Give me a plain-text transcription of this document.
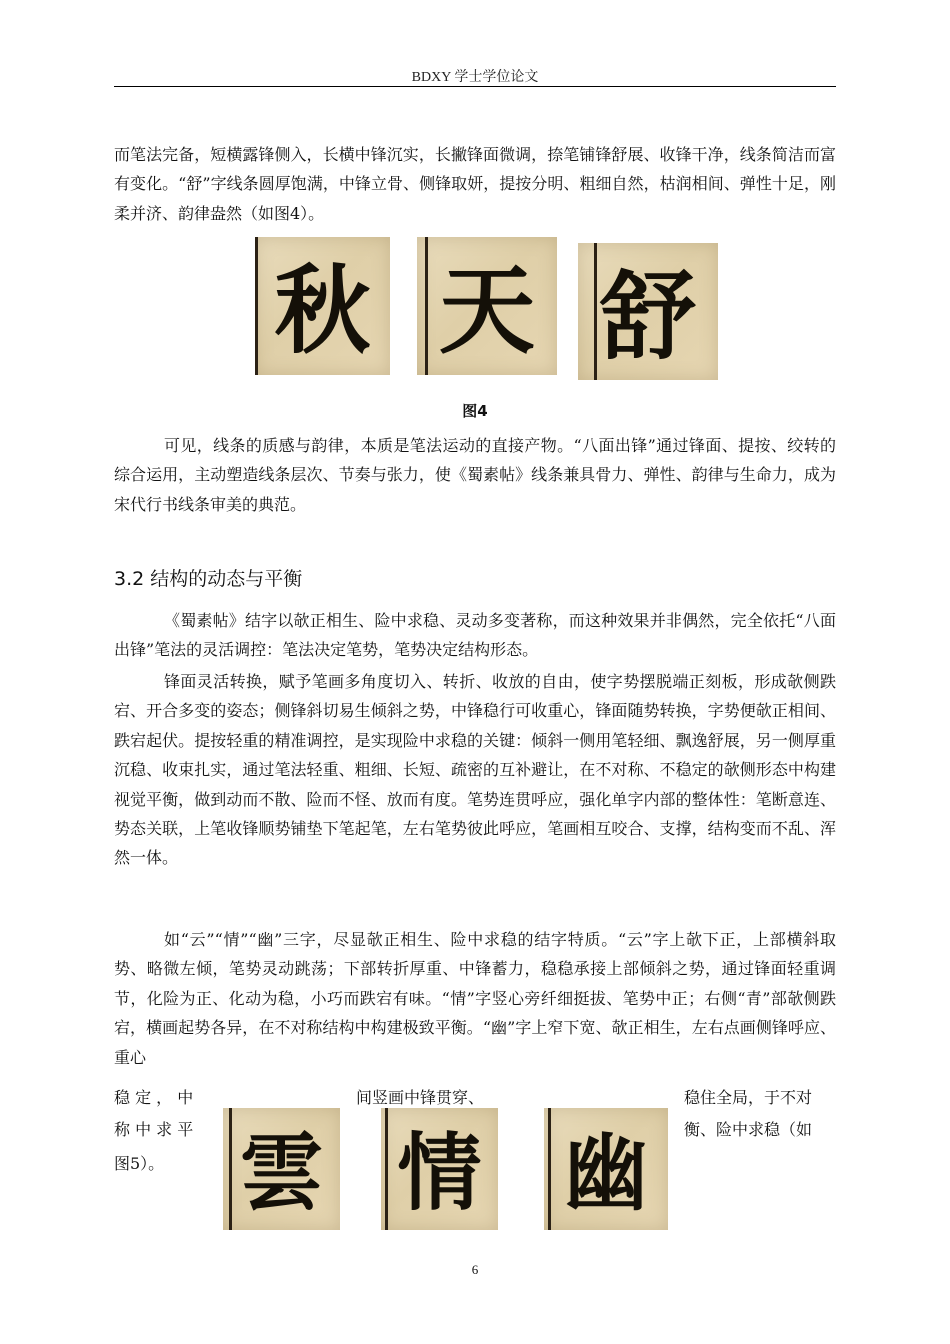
BDXY 学士学位论文

而笔法完备，短横露锋侧入，长横中锋沉实，长撇锋面微调，捺笔铺锋舒展、收锋干净，线条简洁而富有变化。“舒”字线条圆厚饱满，中锋立骨、侧锋取妍，提按分明、粗细自然，枯润相间、弹性十足，刚柔并济、韵律盎然（如图4）。

秋 天 舒
图4

可见，线条的质感与韵律，本质是笔法运动的直接产物。“八面出锋”通过锋面、提按、绞转的综合运用，主动塑造线条层次、节奏与张力，使《蜀素帖》线条兼具骨力、弹性、韵律与生命力，成为宋代行书线条审美的典范。

3.2 结构的动态与平衡

《蜀素帖》结字以欹正相生、险中求稳、灵动多变著称，而这种效果并非偶然，完全依托“八面出锋”笔法的灵活调控：笔法决定笔势，笔势决定结构形态。

锋面灵活转换，赋予笔画多角度切入、转折、收放的自由，使字势摆脱端正刻板，形成欹侧跌宕、开合多变的姿态；侧锋斜切易生倾斜之势，中锋稳行可收重心，锋面随势转换，字势便欹正相间、跌宕起伏。提按轻重的精准调控，是实现险中求稳的关键：倾斜一侧用笔轻细、飘逸舒展，另一侧厚重沉稳、收束扎实，通过笔法轻重、粗细、长短、疏密的互补避让，在不对称、不稳定的欹侧形态中构建视觉平衡，做到动而不散、险而不怪、放而有度。笔势连贯呼应，强化单字内部的整体性：笔断意连、势态关联，上笔收锋顺势铺垫下笔起笔，左右笔势彼此呼应，笔画相互咬合、支撑，结构变而不乱、浑然一体。

如“云”“情”“幽”三字，尽显欹正相生、险中求稳的结字特质。“云”字上欹下正，上部横斜取势、略微左倾，笔势灵动跳荡；下部转折厚重、中锋蓄力，稳稳承接上部倾斜之势，通过锋面轻重调节，化险为正、化动为稳，小巧而跌宕有味。“情”字竖心旁纤细挺拔、笔势中正；右侧“青”部欹侧跌宕，横画起势各异，在不对称结构中构建极致平衡。“幽”字上窄下宽、欹正相生，左右点画侧锋呼应、重心

稳 定 ， 中	间竖画中锋贯穿、	稳住全局，于不对

称 中 求 平	衡、险中求稳（如

图5）。 雲 情 幽
6
